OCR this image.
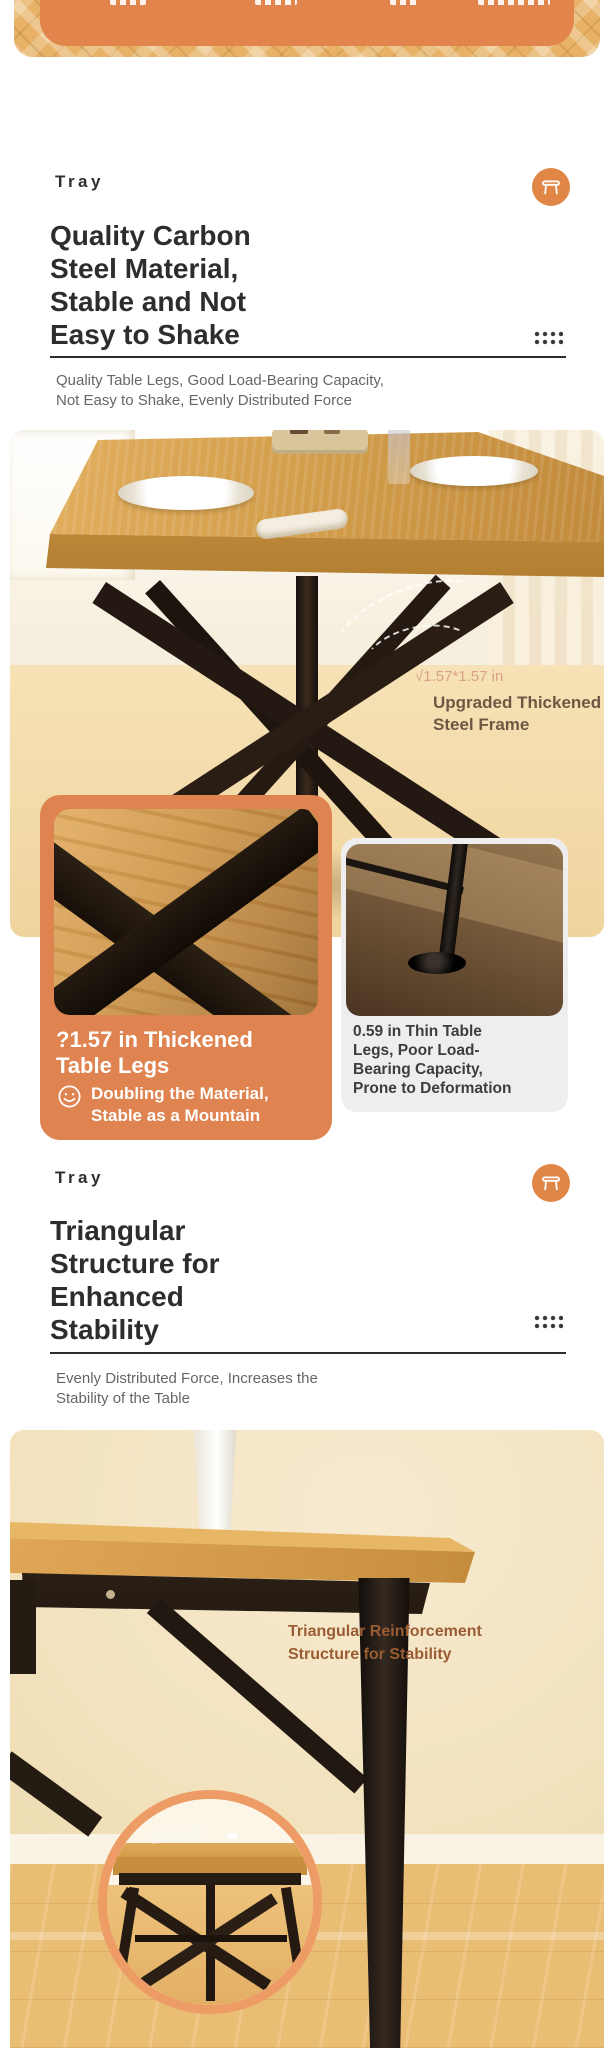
Tray
Quality Carbon Steel Material, Stable and Not Easy to Shake
Quality Table Legs, Good Load-Bearing Capacity, Not Easy to Shake, Evenly Distributed Force
√1.57*1.57 in
Upgraded Thickened Steel Frame
?1.57 in Thickened Table Legs
Doubling the Material, Stable as a Mountain
0.59 in Thin Table Legs, Poor Load-Bearing Capacity, Prone to Deformation
Tray
Triangular Structure for Enhanced Stability
Evenly Distributed Force, Increases the Stability of the Table
Triangular Reinforcement Structure for Stability
